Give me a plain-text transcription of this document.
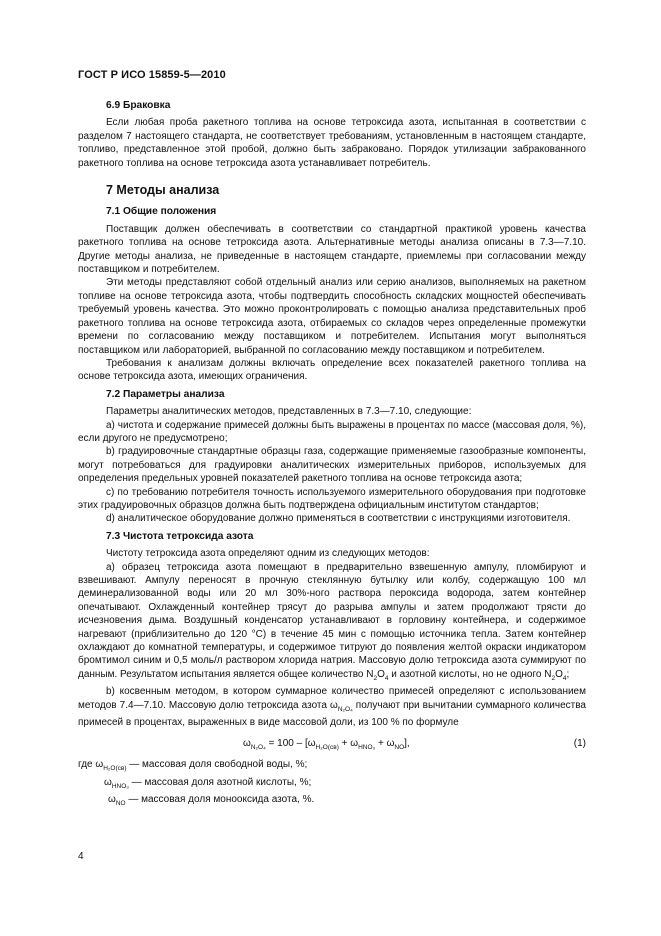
ГОСТ Р ИСО 15859-5—2010

6.9 Браковка

Если любая проба ракетного топлива на основе тетроксида азота, испытанная в соответствии с разделом 7 настоящего стандарта, не соответствует требованиям, установленным в настоящем стандарте, топливо, представленное этой пробой, должно быть забраковано. Порядок утилизации забракованного ракетного топлива на основе тетроксида азота устанавливает потребитель.

7 Методы анализа

7.1 Общие положения

Поставщик должен обеспечивать в соответствии со стандартной практикой уровень качества ракетного топлива на основе тетроксида азота. Альтернативные методы анализа описаны в 7.3—7.10. Другие методы анализа, не приведенные в настоящем стандарте, приемлемы при согласовании между поставщиком и потребителем.

Эти методы представляют собой отдельный анализ или серию анализов, выполняемых на ракетном топливе на основе тетроксида азота, чтобы подтвердить способность складских мощностей обеспечивать требуемый уровень качества. Это можно проконтролировать с помощью анализа представительных проб ракетного топлива на основе тетроксида азота, отбираемых со складов через определенные промежутки времени по согласованию между поставщиком и потребителем. Испытания могут выполняться поставщиком или лабораторией, выбранной по согласованию между поставщиком и потребителем.

Требования к анализам должны включать определение всех показателей ракетного топлива на основе тетроксида азота, имеющих ограничения.

7.2 Параметры анализа

Параметры аналитических методов, представленных в 7.3—7.10, следующие:

a) чистота и содержание примесей должны быть выражены в процентах по массе (массовая доля, %), если другого не предусмотрено;

b) градуировочные стандартные образцы газа, содержащие применяемые газообразные компоненты, могут потребоваться для градуировки аналитических измерительных приборов, используемых для определения предельных уровней показателей ракетного топлива на основе тетроксида азота;

c) по требованию потребителя точность используемого измерительного оборудования при подготовке этих градуировочных образцов должна быть подтверждена официальным институтом стандартов;

d) аналитическое оборудование должно применяться в соответствии с инструкциями изготовителя.

7.3 Чистота тетроксида азота

Чистоту тетроксида азота определяют одним из следующих методов:

a) образец тетроксида азота помещают в предварительно взвешенную ампулу, пломбируют и взвешивают. Ампулу переносят в прочную стеклянную бутылку или колбу, содержащую 100 мл деминерализованной воды или 20 мл 30%-ного раствора пероксида водорода, затем контейнер опечатывают. Охлажденный контейнер трясут до разрыва ампулы и затем продолжают трясти до исчезновения дыма. Воздушный конденсатор устанавливают в горловину контейнера, и содержимое нагревают (приблизительно до 120 °C) в течение 45 мин с помощью источника тепла. Затем контейнер охлаждают до комнатной температуры, и содержимое титруют до появления желтой окраски индикатором бромтимол синим и 0,5 моль/л раствором хлорида натрия. Массовую долю тетроксида азота суммируют по данным. Результатом испытания является общее количество $N_2O_4$ и азотной кислоты, но не одного $N_2O_4$;

b) косвенным методом, в котором суммарное количество примесей определяют с использованием методов 7.4—7.10. Массовую долю тетроксида азота $\omega_{N_2O_4}$ получают при вычитании суммарного количества примесей в процентах, выраженных в виде массовой доли, из 100 % по формуле

$\omega_{N_2O_4} = 100 - [\omega_{H_2O(св)} + \omega_{HNO_3} + \omega_{NO}]$,	(1)
где $\omega_{H_2O(св)}$ — массовая доля свободной воды, %;
$\omega_{HNO_3}$ — массовая доля азотной кислоты, %;
$\omega_{NO}$ — массовая доля монооксида азота, %.
4
